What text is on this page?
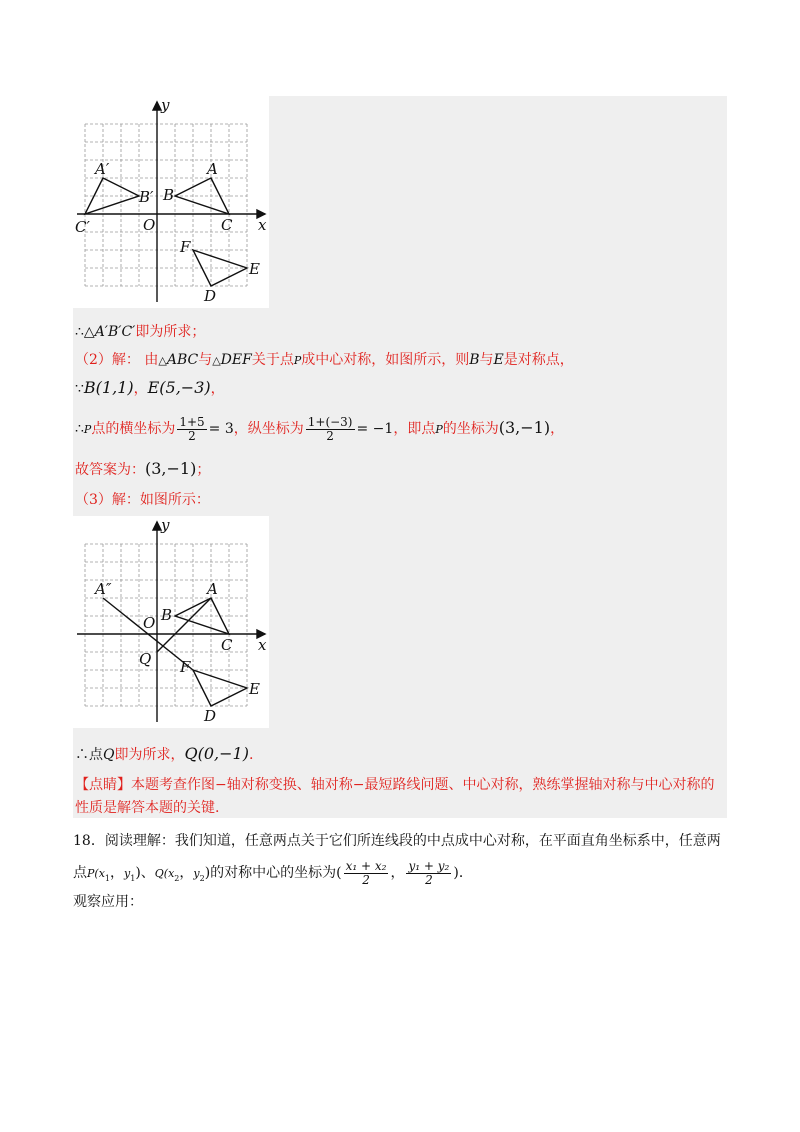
y
x
O
A′
B′
C′
A
B
C
F
E
D
∴△A′B′C′即为所求；
（2）解： 由△ABC与△DEF关于点P成中心对称，如图所示，则B与E是对称点，
∵B(1,1)，E(5,−3)，
∴P点的横坐标为 $\frac{1+5}{2} = 3$，纵坐标为 $\frac{1+(-3)}{2} = -1$，即点P的坐标为(3,−1)，
故答案为：(3,−1)；
（3）解：如图所示：
y
x
O
A″	A
B
C
Q F
E
D
∴点Q即为所求，Q(0,−1).
【点睛】本题考查作图−轴对称变换、轴对称−最短路线问题、中心对称，熟练掌握轴对称与中心对称的
性质是解答本题的关键.
18．阅读理解：我们知道，任意两点关于它们所连线段的中点成中心对称，在平面直角坐标系中，任意两
点$P(x_1$，$y_1$)、$Q(x_2$，$y_2$)的对称中心的坐标为( $\frac{\text{x₁ + x₂}}{2}$ ， $\frac{\text{y₁ + y₂}}{2}$ )．
观察应用：
